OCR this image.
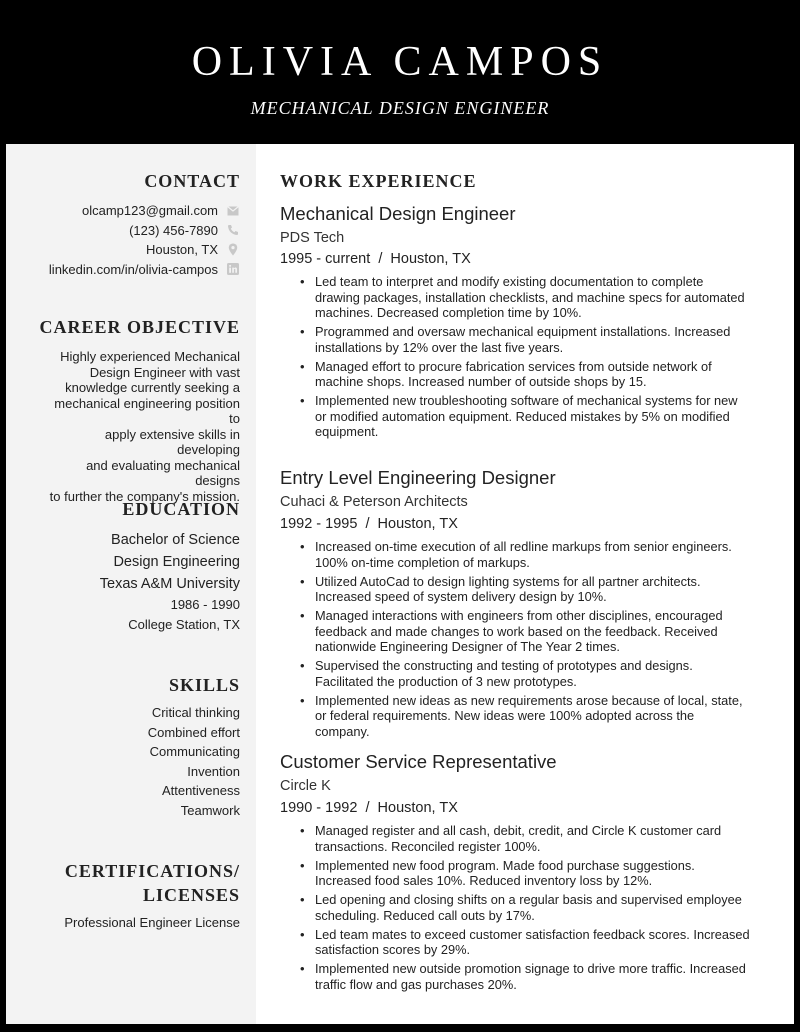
OLIVIA CAMPOS
MECHANICAL DESIGN ENGINEER
CONTACT
olcamp123@gmail.com
(123) 456-7890
Houston, TX
linkedin.com/in/olivia-campos
CAREER OBJECTIVE
Highly experienced Mechanical
Design Engineer with vast
knowledge currently seeking a
mechanical engineering position to
apply extensive skills in developing
and evaluating mechanical designs
to further the company's mission.
EDUCATION
Bachelor of Science
Design Engineering
Texas A&M University
1986 - 1990
College Station, TX
SKILLS
Critical thinking
Combined effort
Communicating
Invention
Attentiveness
Teamwork
CERTIFICATIONS/
LICENSES
Professional Engineer License
WORK EXPERIENCE
Mechanical Design Engineer
PDS Tech
1995 - current  /  Houston, TX
• Led team to interpret and modify existing documentation to complete drawing packages, installation checklists, and machine specs for automated machines. Decreased completion time by 10%.
• Programmed and oversaw mechanical equipment installations. Increased installations by 12% over the last five years.
• Managed effort to procure fabrication services from outside network of machine shops. Increased number of outside shops by 15.
• Implemented new troubleshooting software of mechanical systems for new or modified automation equipment. Reduced mistakes by 5% on modified equipment.
Entry Level Engineering Designer
Cuhaci & Peterson Architects
1992 - 1995  /  Houston, TX
• Increased on-time execution of all redline markups from senior engineers. 100% on-time completion of markups.
• Utilized AutoCad to design lighting systems for all partner architects. Increased speed of system delivery design by 10%.
• Managed interactions with engineers from other disciplines, encouraged feedback and made changes to work based on the feedback. Received nationwide Engineering Designer of The Year 2 times.
• Supervised the constructing and testing of prototypes and designs. Facilitated the production of 3 new prototypes.
• Implemented new ideas as new requirements arose because of local, state, or federal requirements. New ideas were 100% adopted across the company.
Customer Service Representative
Circle K
1990 - 1992  /  Houston, TX
• Managed register and all cash, debit, credit, and Circle K customer card transactions. Reconciled register 100%.
• Implemented new food program. Made food purchase suggestions. Increased food sales 10%. Reduced inventory loss by 12%.
• Led opening and closing shifts on a regular basis and supervised employee scheduling. Reduced call outs by 17%.
• Led team mates to exceed customer satisfaction feedback scores. Increased satisfaction scores by 29%.
• Implemented new outside promotion signage to drive more traffic. Increased traffic flow and gas purchases 20%.
